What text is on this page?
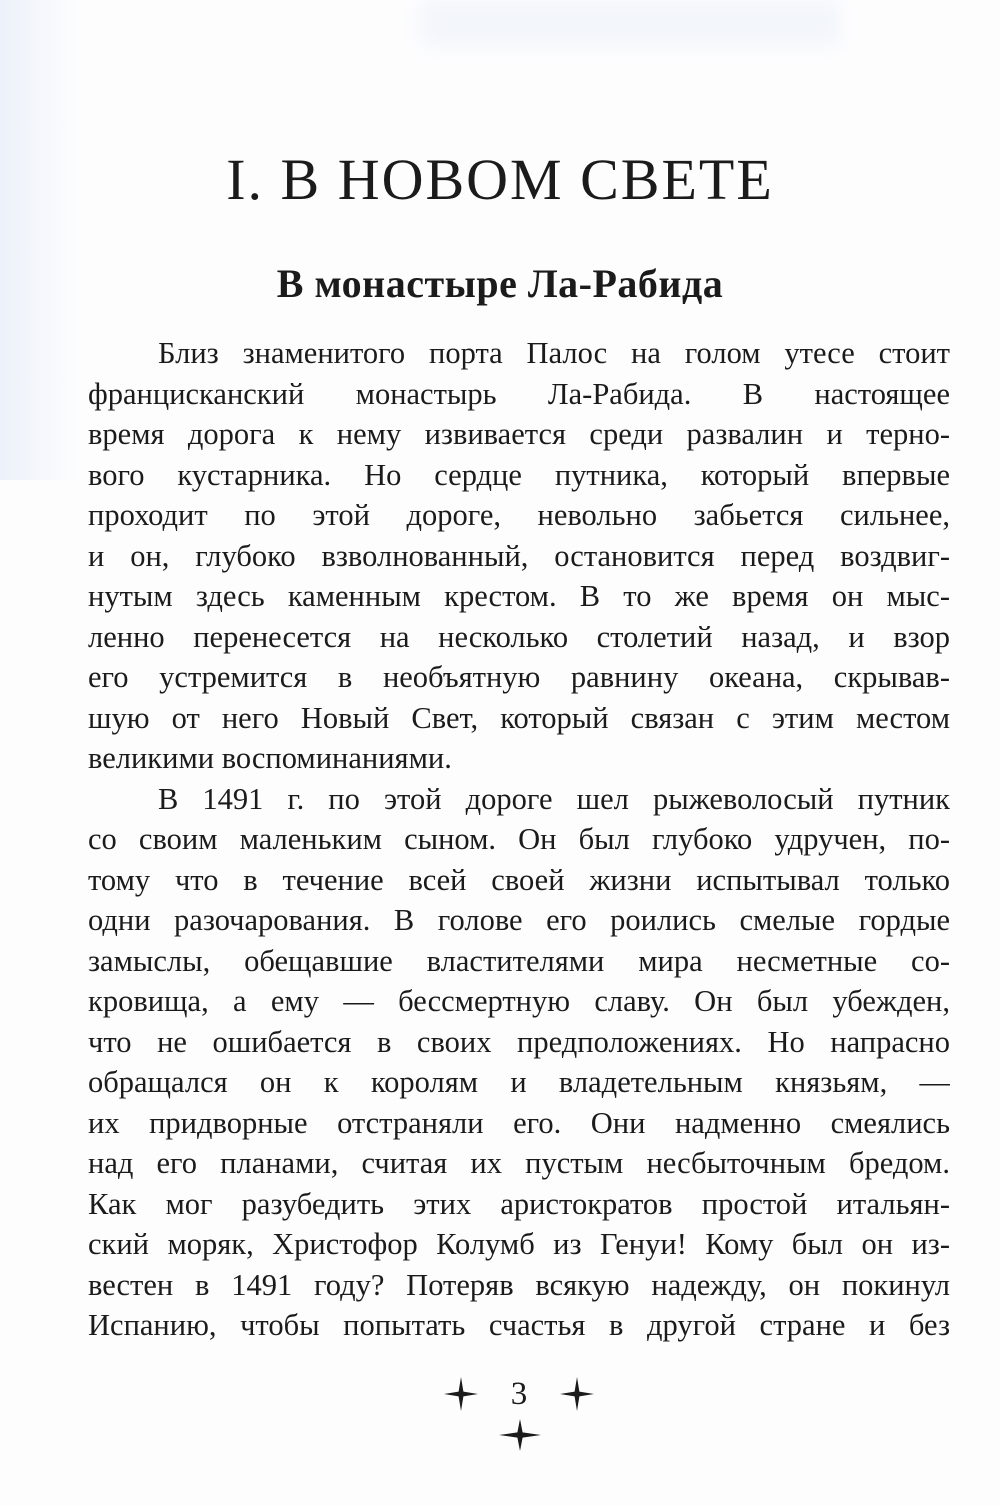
I. В НОВОМ СВЕТЕ
В монастыре Ла-Рабида
Близ знаменитого порта Палос на голом утесе стоит
францисканский монастырь Ла-Рабида. В настоящее
время дорога к нему извивается среди развалин и терно-
вого кустарника. Но сердце путника, который впервые
проходит по этой дороге, невольно забьется сильнее,
и он, глубоко взволнованный, остановится перед воздвиг-
нутым здесь каменным крестом. В то же время он мыс-
ленно перенесется на несколько столетий назад, и взор
его устремится в необъятную равнину океана, скрывав-
шую от него Новый Свет, который связан с этим местом
великими воспоминаниями.
В 1491 г. по этой дороге шел рыжеволосый путник
со своим маленьким сыном. Он был глубоко удручен, по-
тому что в течение всей своей жизни испытывал только
одни разочарования. В голове его роились смелые гордые
замыслы, обещавшие властителями мира несметные со-
кровища, а ему — бессмертную славу. Он был убежден,
что не ошибается в своих предположениях. Но напрасно
обращался он к королям и владетельным князьям, —
их придворные отстраняли его. Они надменно смеялись
над его планами, считая их пустым несбыточным бредом.
Как мог разубедить этих аристократов простой итальян-
ский моряк, Христофор Колумб из Генуи! Кому был он из-
вестен в 1491 году? Потеряв всякую надежду, он покинул
Испанию, чтобы попытать счастья в другой стране и без
3
